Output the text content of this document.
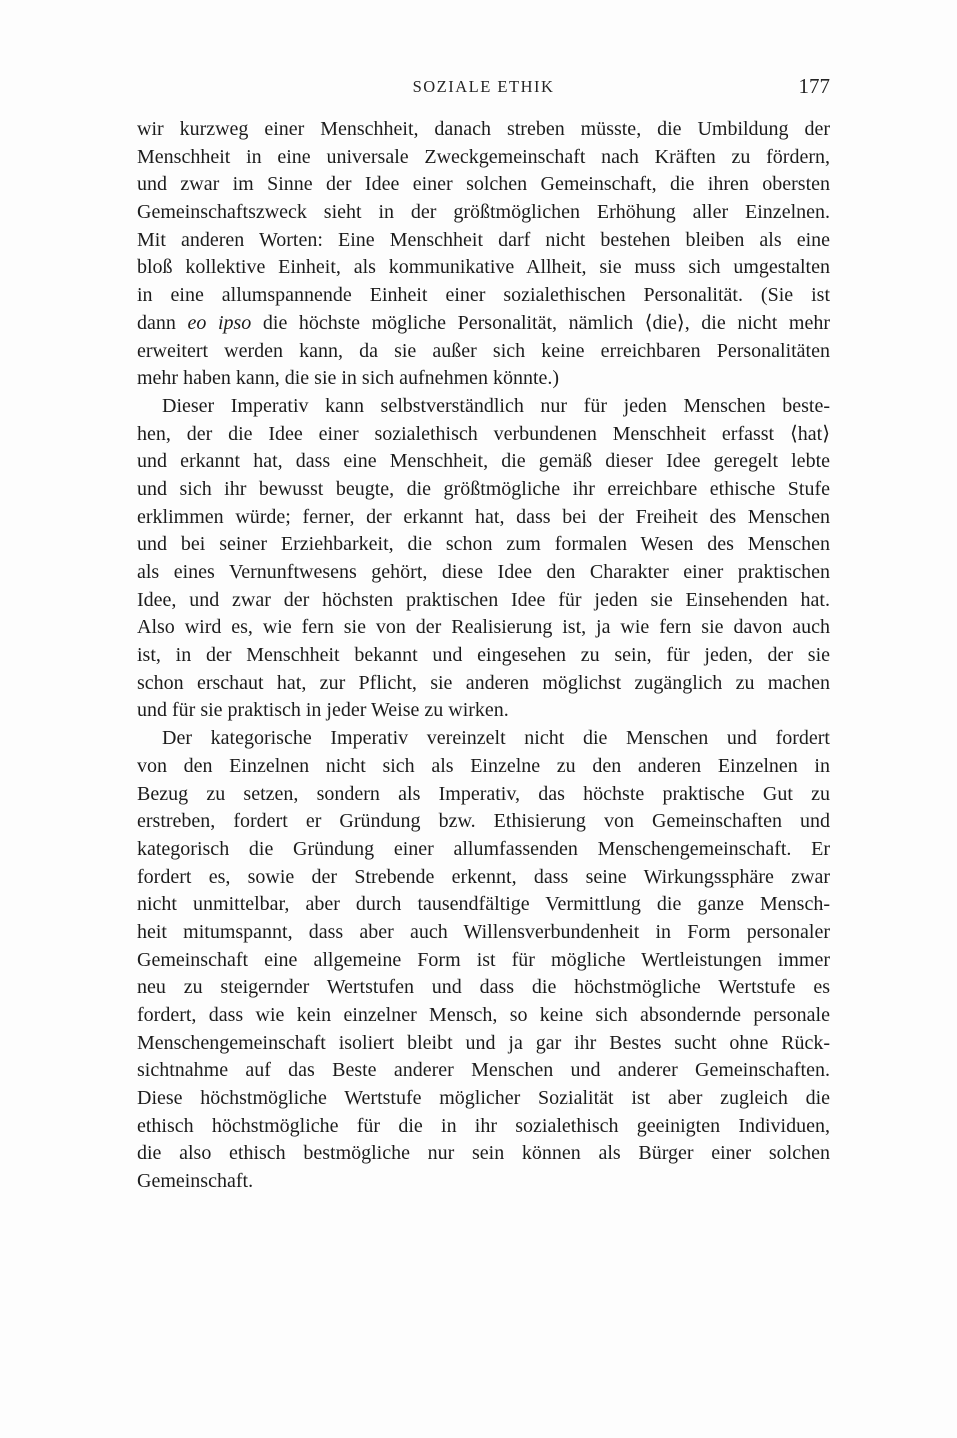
SOZIALE ETHIK	177
wir kurzweg einer Menschheit, danach streben müsste, die Umbildung der
Menschheit in eine universale Zweckgemeinschaft nach Kräften zu fördern,
und zwar im Sinne der Idee einer solchen Gemeinschaft, die ihren obersten
Gemeinschaftszweck sieht in der größtmöglichen Erhöhung aller Einzelnen.
Mit anderen Worten: Eine Menschheit darf nicht bestehen bleiben als eine
bloß kollektive Einheit, als kommunikative Allheit, sie muss sich umgestalten
in eine allumspannende Einheit einer sozialethischen Personalität. (Sie ist
dann eo ipso die höchste mögliche Personalität, nämlich ⟨die⟩, die nicht mehr
erweitert werden kann, da sie außer sich keine erreichbaren Personalitäten
mehr haben kann, die sie in sich aufnehmen könnte.)
Dieser Imperativ kann selbstverständlich nur für jeden Menschen beste-
hen, der die Idee einer sozialethisch verbundenen Menschheit erfasst ⟨hat⟩
und erkannt hat, dass eine Menschheit, die gemäß dieser Idee geregelt lebte
und sich ihr bewusst beugte, die größtmögliche ihr erreichbare ethische Stufe
erklimmen würde; ferner, der erkannt hat, dass bei der Freiheit des Menschen
und bei seiner Erziehbarkeit, die schon zum formalen Wesen des Menschen
als eines Vernunftwesens gehört, diese Idee den Charakter einer praktischen
Idee, und zwar der höchsten praktischen Idee für jeden sie Einsehenden hat.
Also wird es, wie fern sie von der Realisierung ist, ja wie fern sie davon auch
ist, in der Menschheit bekannt und eingesehen zu sein, für jeden, der sie
schon erschaut hat, zur Pflicht, sie anderen möglichst zugänglich zu machen
und für sie praktisch in jeder Weise zu wirken.
Der kategorische Imperativ vereinzelt nicht die Menschen und fordert
von den Einzelnen nicht sich als Einzelne zu den anderen Einzelnen in
Bezug zu setzen, sondern als Imperativ, das höchste praktische Gut zu
erstreben, fordert er Gründung bzw. Ethisierung von Gemeinschaften und
kategorisch die Gründung einer allumfassenden Menschengemeinschaft. Er
fordert es, sowie der Strebende erkennt, dass seine Wirkungssphäre zwar
nicht unmittelbar, aber durch tausendfältige Vermittlung die ganze Mensch-
heit mitumspannt, dass aber auch Willensverbundenheit in Form personaler
Gemeinschaft eine allgemeine Form ist für mögliche Wertleistungen immer
neu zu steigernder Wertstufen und dass die höchstmögliche Wertstufe es
fordert, dass wie kein einzelner Mensch, so keine sich absondernde personale
Menschengemeinschaft isoliert bleibt und ja gar ihr Bestes sucht ohne Rück-
sichtnahme auf das Beste anderer Menschen und anderer Gemeinschaften.
Diese höchstmögliche Wertstufe möglicher Sozialität ist aber zugleich die
ethisch höchstmögliche für die in ihr sozialethisch geeinigten Individuen,
die also ethisch bestmögliche nur sein können als Bürger einer solchen
Gemeinschaft.
